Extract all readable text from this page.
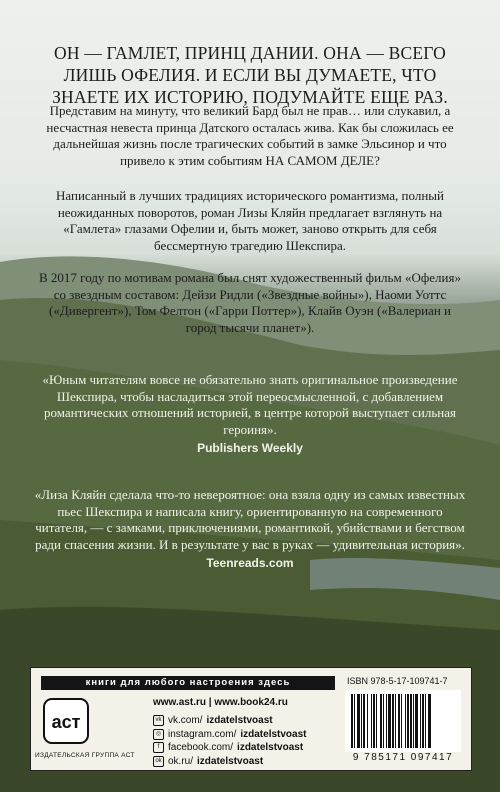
ОН — ГАМЛЕТ, ПРИНЦ ДАНИИ. ОНА — ВСЕГО ЛИШЬ ОФЕЛИЯ. И ЕСЛИ ВЫ ДУМАЕТЕ, ЧТО ЗНАЕТЕ ИХ ИСТОРИЮ, ПОДУМАЙТЕ ЕЩЕ РАЗ.
Представим на минуту, что великий Бард был не прав… или слукавил, а несчастная невеста принца Датского осталась жива. Как бы сложилась ее дальнейшая жизнь после трагических событий в замке Эльсинор и что привело к этим событиям НА САМОМ ДЕЛЕ?
Написанный в лучших традициях исторического романтизма, полный неожиданных поворотов, роман Лизы Кляйн предлагает взглянуть на «Гамлета» глазами Офелии и, быть может, заново открыть для себя бессмертную трагедию Шекспира.
В 2017 году по мотивам романа был снят художественный фильм «Офелия» со звездным составом: Дейзи Ридли («Звездные войны»), Наоми Уоттс («Дивергент»), Том Фелтон («Гарри Поттер»), Клайв Оуэн («Валериан и город тысячи планет»).
«Юным читателям вовсе не обязательно знать оригинальное произведение Шекспира, чтобы насладиться этой переосмысленной, с добавлением романтических отношений историей, в центре которой выступает сильная героиня».
Publishers Weekly
«Лиза Кляйн сделала что-то невероятное: она взяла одну из самых известных пьес Шекспира и написала книгу, ориентированную на современного читателя, — с замками, приключениями, романтикой, убийствами и бегством ради спасения жизни. И в результате у вас в руках — удивительная история».
Teenreads.com
книги для любого настроения здесь	ISBN 978-5-17-109741-7
аст
ИЗДАТЕЛЬСКАЯ ГРУППА АСТ
www.ast.ru | www.book24.ru
vk vk.com/ izdatelstvoast
◎ instagram.com/ izdatelstvoast
f facebook.com/ izdatelstvoast
ok ok.ru/ izdatelstvoast	9 785171 097417
